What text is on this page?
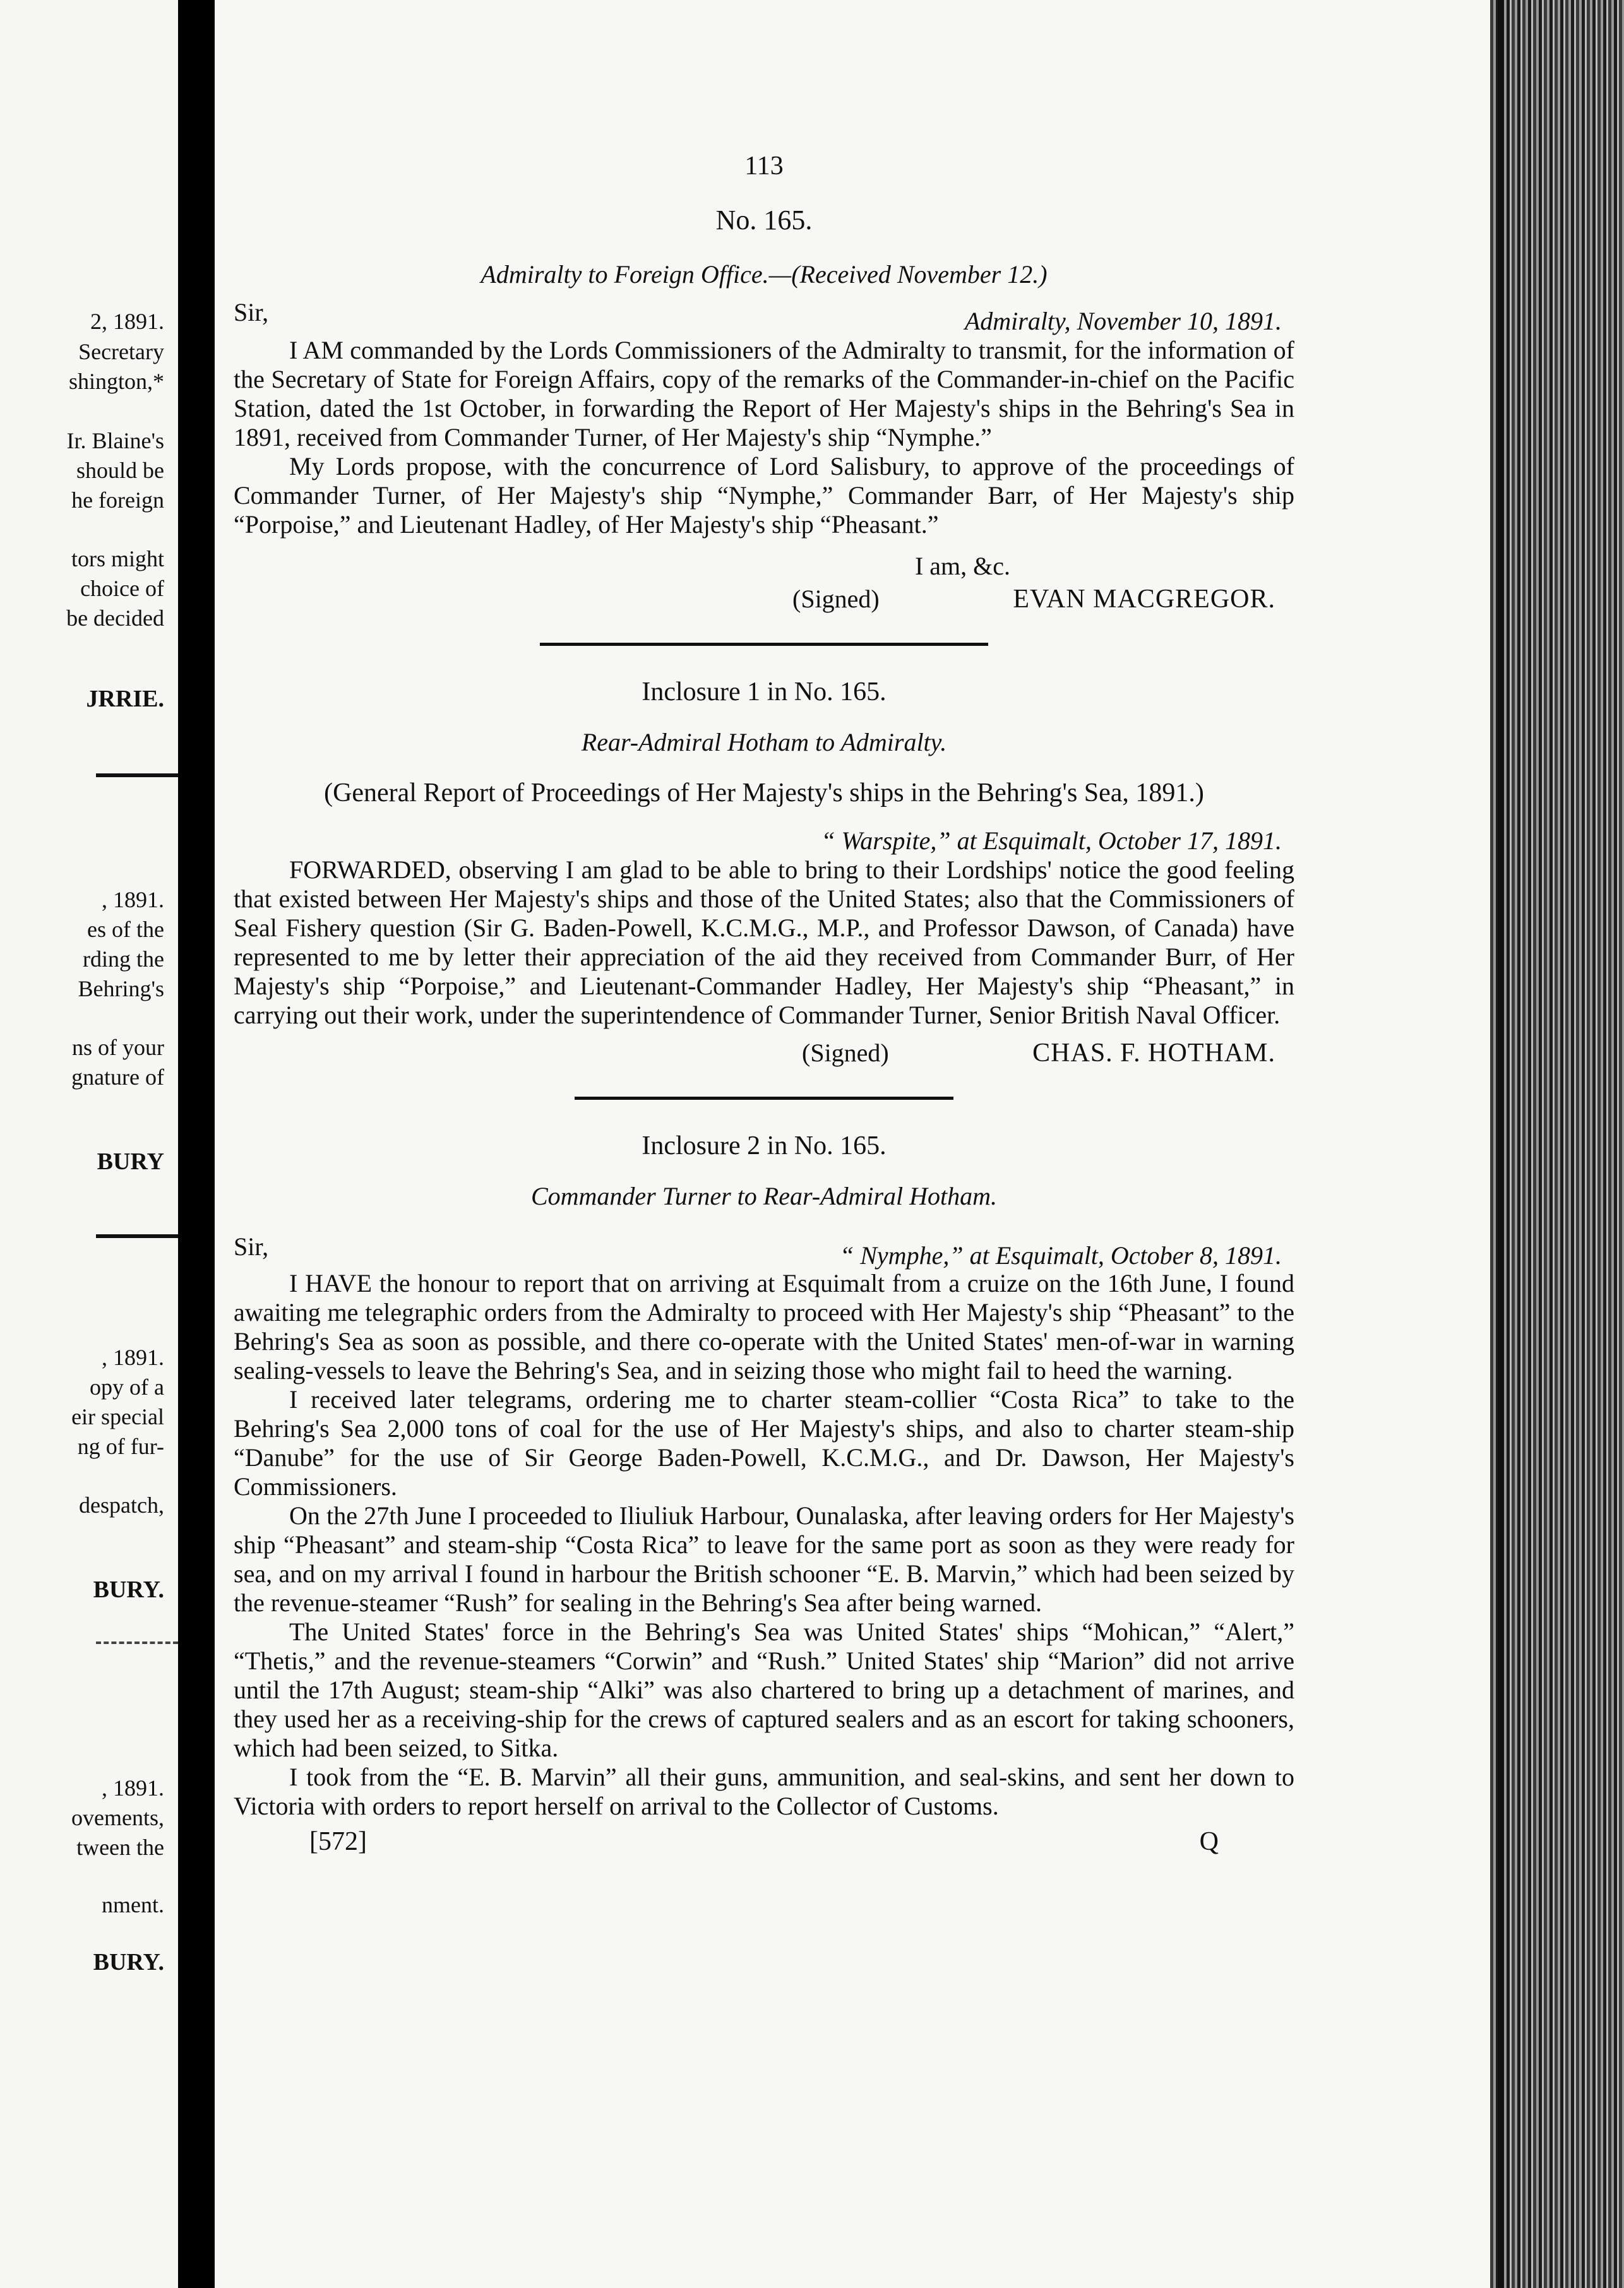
2, 1891.
Secretary
shington,*
Ir. Blaine's
should be
he foreign
tors might
choice of
be decided
JRRIE.
, 1891.
es of the
rding the
Behring's
ns of your
gnature of
BURY
, 1891.
opy of a
eir special
ng of fur-
despatch,
BURY.
, 1891.
ovements,
tween the
nment.
BURY.
113
No. 165.
Admiralty to Foreign Office.—(Received November 12.)
Sir,	Admiralty, November 10, 1891.

I AM commanded by the Lords Commissioners of the Admiralty to transmit, for the information of the Secretary of State for Foreign Affairs, copy of the remarks of the Commander-in-chief on the Pacific Station, dated the 1st October, in forwarding the Report of Her Majesty's ships in the Behring's Sea in 1891, received from Commander Turner, of Her Majesty's ship “Nymphe.”

My Lords propose, with the concurrence of Lord Salisbury, to approve of the proceedings of Commander Turner, of Her Majesty's ship “Nymphe,” Commander Barr, of Her Majesty's ship “Porpoise,” and Lieutenant Hadley, of Her Majesty's ship “Pheasant.”

I am, &c.
(Signed)	EVAN MACGREGOR.
Inclosure 1 in No. 165.
Rear-Admiral Hotham to Admiralty.
(General Report of Proceedings of Her Majesty's ships in the Behring's Sea, 1891.)
“ Warspite,” at Esquimalt, October 17, 1891.

FORWARDED, observing I am glad to be able to bring to their Lordships' notice the good feeling that existed between Her Majesty's ships and those of the United States; also that the Commissioners of Seal Fishery question (Sir G. Baden-Powell, K.C.M.G., M.P., and Professor Dawson, of Canada) have represented to me by letter their appreciation of the aid they received from Commander Burr, of Her Majesty's ship “Porpoise,” and Lieutenant-Commander Hadley, Her Majesty's ship “Pheasant,” in carrying out their work, under the superintendence of Commander Turner, Senior British Naval Officer.

(Signed)	CHAS. F. HOTHAM.
Inclosure 2 in No. 165.
Commander Turner to Rear-Admiral Hotham.
Sir,	“ Nymphe,” at Esquimalt, October 8, 1891.

I HAVE the honour to report that on arriving at Esquimalt from a cruize on the 16th June, I found awaiting me telegraphic orders from the Admiralty to proceed with Her Majesty's ship “Pheasant” to the Behring's Sea as soon as possible, and there co-operate with the United States' men-of-war in warning sealing-vessels to leave the Behring's Sea, and in seizing those who might fail to heed the warning.

I received later telegrams, ordering me to charter steam-collier “Costa Rica” to take to the Behring's Sea 2,000 tons of coal for the use of Her Majesty's ships, and also to charter steam-ship “Danube” for the use of Sir George Baden-Powell, K.C.M.G., and Dr. Dawson, Her Majesty's Commissioners.

On the 27th June I proceeded to Iliuliuk Harbour, Ounalaska, after leaving orders for Her Majesty's ship “Pheasant” and steam-ship “Costa Rica” to leave for the same port as soon as they were ready for sea, and on my arrival I found in harbour the British schooner “E. B. Marvin,” which had been seized by the revenue-steamer “Rush” for sealing in the Behring's Sea after being warned.

The United States' force in the Behring's Sea was United States' ships “Mohican,” “Alert,” “Thetis,” and the revenue-steamers “Corwin” and “Rush.” United States' ship “Marion” did not arrive until the 17th August; steam-ship “Alki” was also chartered to bring up a detachment of marines, and they used her as a receiving-ship for the crews of captured sealers and as an escort for taking schooners, which had been seized, to Sitka.

I took from the “E. B. Marvin” all their guns, ammunition, and seal-skins, and sent her down to Victoria with orders to report herself on arrival to the Collector of Customs.

[572]	Q
